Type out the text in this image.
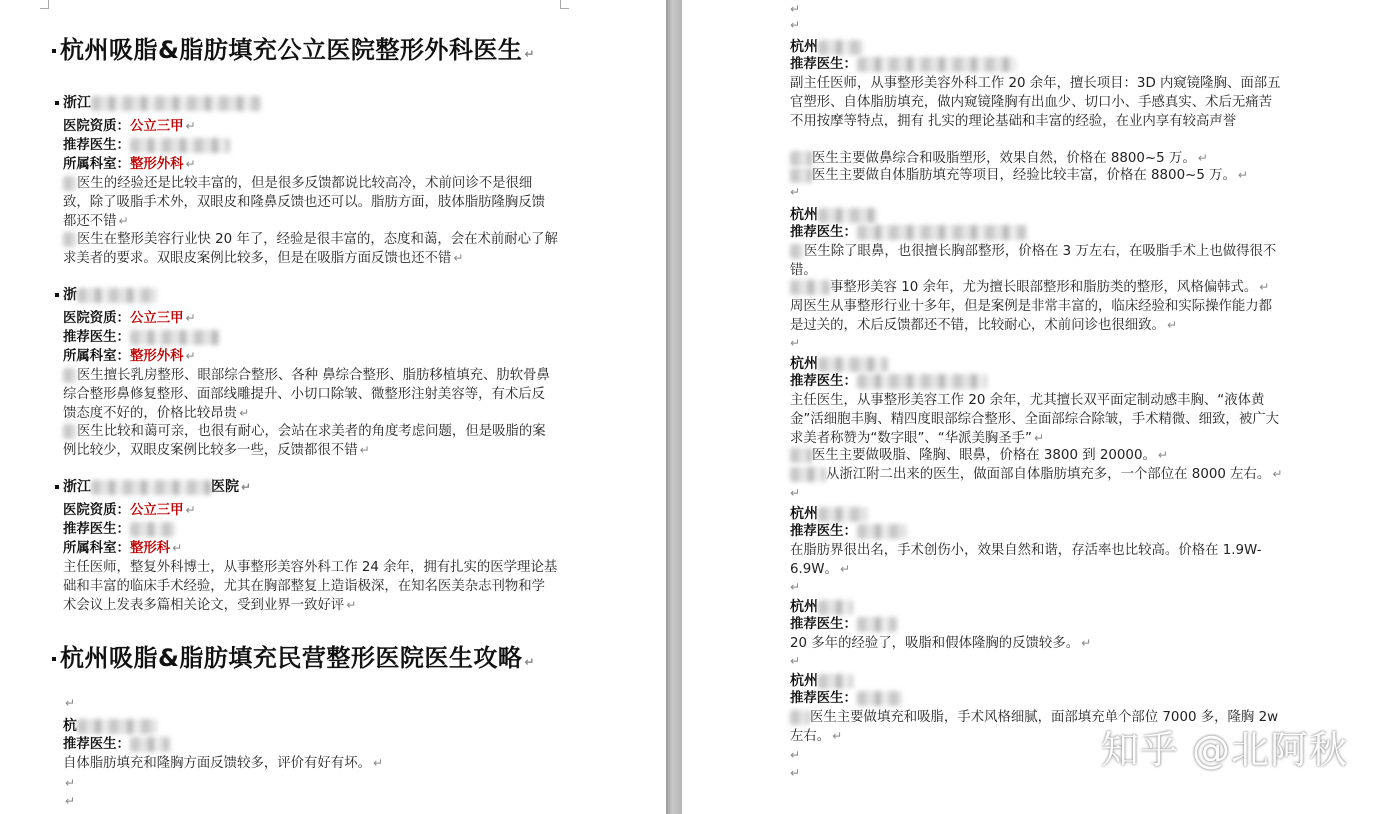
杭州吸脂&脂肪填充公立医院整形外科医生 ↵
浙江
医院资质：公立三甲 ↵
推荐医生：
所属科室：整形外科 ↵
医生的经验还是比较丰富的，但是很多反馈都说比较高冷，术前问诊不是很细致，除了吸脂手术外，双眼皮和隆鼻反馈也还可以。脂肪方面，肢体脂肪隆胸反馈都还不错 ↵
医生在整形美容行业快 20 年了，经验是很丰富的，态度和蔼，会在术前耐心了解求美者的要求。双眼皮案例比较多，但是在吸脂方面反馈也还不错 ↵
浙
医院资质：公立三甲 ↵
推荐医生：
所属科室：整形外科 ↵
医生擅长乳房整形、眼部综合整形、各种 鼻综合整形、脂肪移植填充、肋软骨鼻综合整形鼻修复整形、面部线雕提升、小切口除皱、微整形注射美容等，有术后反馈态度不好的，价格比较昂贵 ↵
医生比较和蔼可亲，也很有耐心，会站在求美者的角度考虑问题，但是吸脂的案例比较少，双眼皮案例比较多一些，反馈都很不错 ↵
浙江	医院 ↵
医院资质：公立三甲 ↵
推荐医生：
所属科室：整形科 ↵
主任医师，整复外科博士，从事整形美容外科工作 24 余年，拥有扎实的医学理论基础和丰富的临床手术经验，尤其在胸部整复上造诣极深，在知名医美杂志刊物和学术会议上发表多篇相关论文，受到业界一致好评 ↵
杭州吸脂&脂肪填充民营整形医院医生攻略 ↵
↵
杭
推荐医生：
自体脂肪填充和隆胸方面反馈较多，评价有好有坏。 ↵
↵
↵
↵
↵
杭州
推荐医生：
副主任医师，从事整形美容外科工作 20 余年，擅长项目：3D 内窥镜隆胸、面部五官塑形、自体脂肪填充，做内窥镜隆胸有出血少、切口小、手感真实、术后无痛苦不用按摩等特点，拥有 扎实的理论基础和丰富的经验，在业内享有较高声誉
医生主要做鼻综合和吸脂塑形，效果自然，价格在 8800~5 万。 ↵
医生主要做自体脂肪填充等项目，经验比较丰富，价格在 8800~5 万。 ↵
↵
杭州
推荐医生：
医生除了眼鼻，也很擅长胸部整形，价格在 3 万左右，在吸脂手术上也做得很不错。
事整形美容 10 余年，尤为擅长眼部整形和脂肪类的整形，风格偏韩式。 ↵
周医生从事整形行业十多年，但是案例是非常丰富的，临床经验和实际操作能力都是过关的，术后反馈都还不错，比较耐心，术前问诊也很细致。 ↵
↵
杭州
推荐医生：
主任医生，从事整形美容工作 20 余年，尤其擅长双平面定制动感丰胸、“液体黄金”活细胞丰胸、精四度眼部综合整形、全面部综合除皱，手术精微、细致，被广大求美者称赞为“数字眼”、“华派美胸圣手” ↵
医生主要做吸脂、隆胸、眼鼻，价格在 3800 到 20000。 ↵
从浙江附二出来的医生，做面部自体脂肪填充多，一个部位在 8000 左右。 ↵
↵
杭州
推荐医生：
在脂肪界很出名，手术创伤小，效果自然和谐，存活率也比较高。价格在 1.9W-6.9W。 ↵
↵
杭州
推荐医生：
20 多年的经验了，吸脂和假体隆胸的反馈较多。 ↵
↵
杭州
推荐医生：
医生主要做填充和吸脂，手术风格细腻，面部填充单个部位 7000 多，隆胸 2w 左右。 ↵
↵
↵
知乎 @北阿秋
